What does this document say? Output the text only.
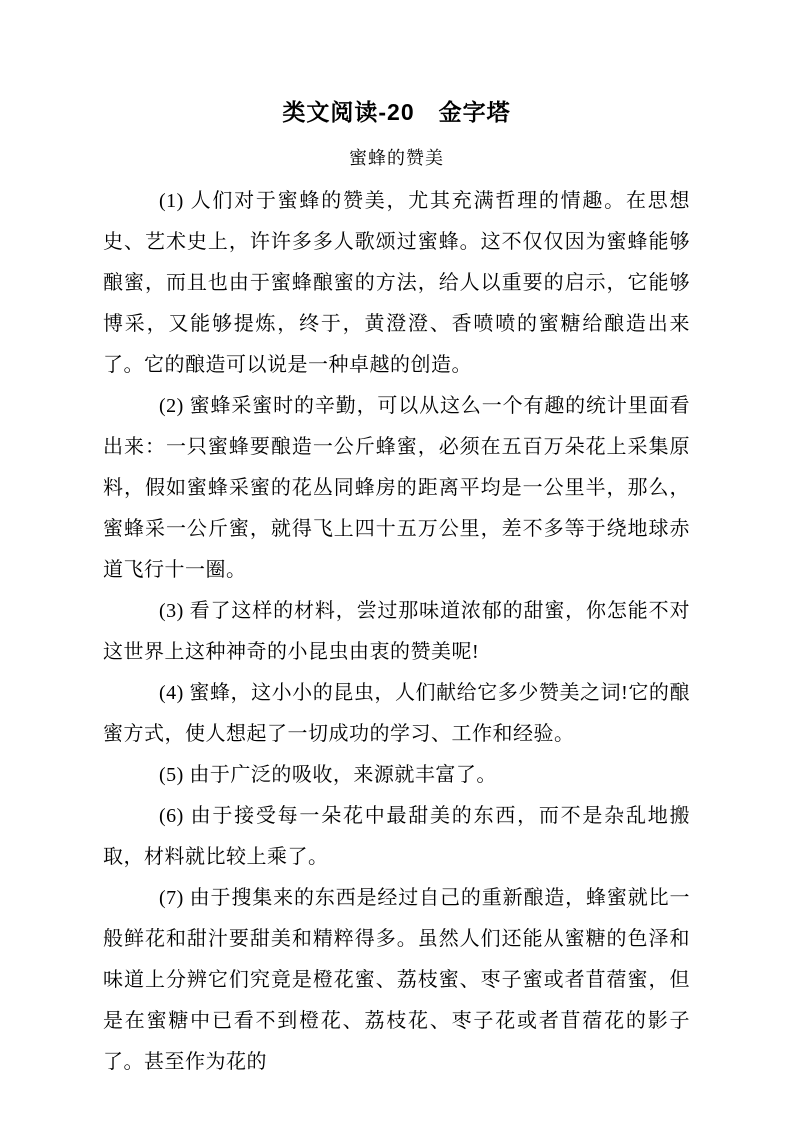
类文阅读-20　金字塔
蜜蜂的赞美

(1) 人们对于蜜蜂的赞美，尤其充满哲理的情趣。在思想史、艺术史上，许许多多人歌颂过蜜蜂。这不仅仅因为蜜蜂能够酿蜜，而且也由于蜜蜂酿蜜的方法，给人以重要的启示，它能够博采，又能够提炼，终于，黄澄澄、香喷喷的蜜糖给酿造出来了。它的酿造可以说是一种卓越的创造。

(2) 蜜蜂采蜜时的辛勤，可以从这么一个有趣的统计里面看出来：一只蜜蜂要酿造一公斤蜂蜜，必须在五百万朵花上采集原料，假如蜜蜂采蜜的花丛同蜂房的距离平均是一公里半，那么，蜜蜂采一公斤蜜，就得飞上四十五万公里，差不多等于绕地球赤道飞行十一圈。

(3) 看了这样的材料，尝过那味道浓郁的甜蜜，你怎能不对这世界上这种神奇的小昆虫由衷的赞美呢!

(4) 蜜蜂，这小小的昆虫，人们献给它多少赞美之词!它的酿蜜方式，使人想起了一切成功的学习、工作和经验。

(5) 由于广泛的吸收，来源就丰富了。

(6) 由于接受每一朵花中最甜美的东西，而不是杂乱地搬取，材料就比较上乘了。

(7) 由于搜集来的东西是经过自己的重新酿造，蜂蜜就比一般鲜花和甜汁要甜美和精粹得多。虽然人们还能从蜜糖的色泽和味道上分辨它们究竟是橙花蜜、荔枝蜜、枣子蜜或者苜蓿蜜，但是在蜜糖中已看不到橙花、荔枝花、枣子花或者苜蓿花的影子了。甚至作为花的
